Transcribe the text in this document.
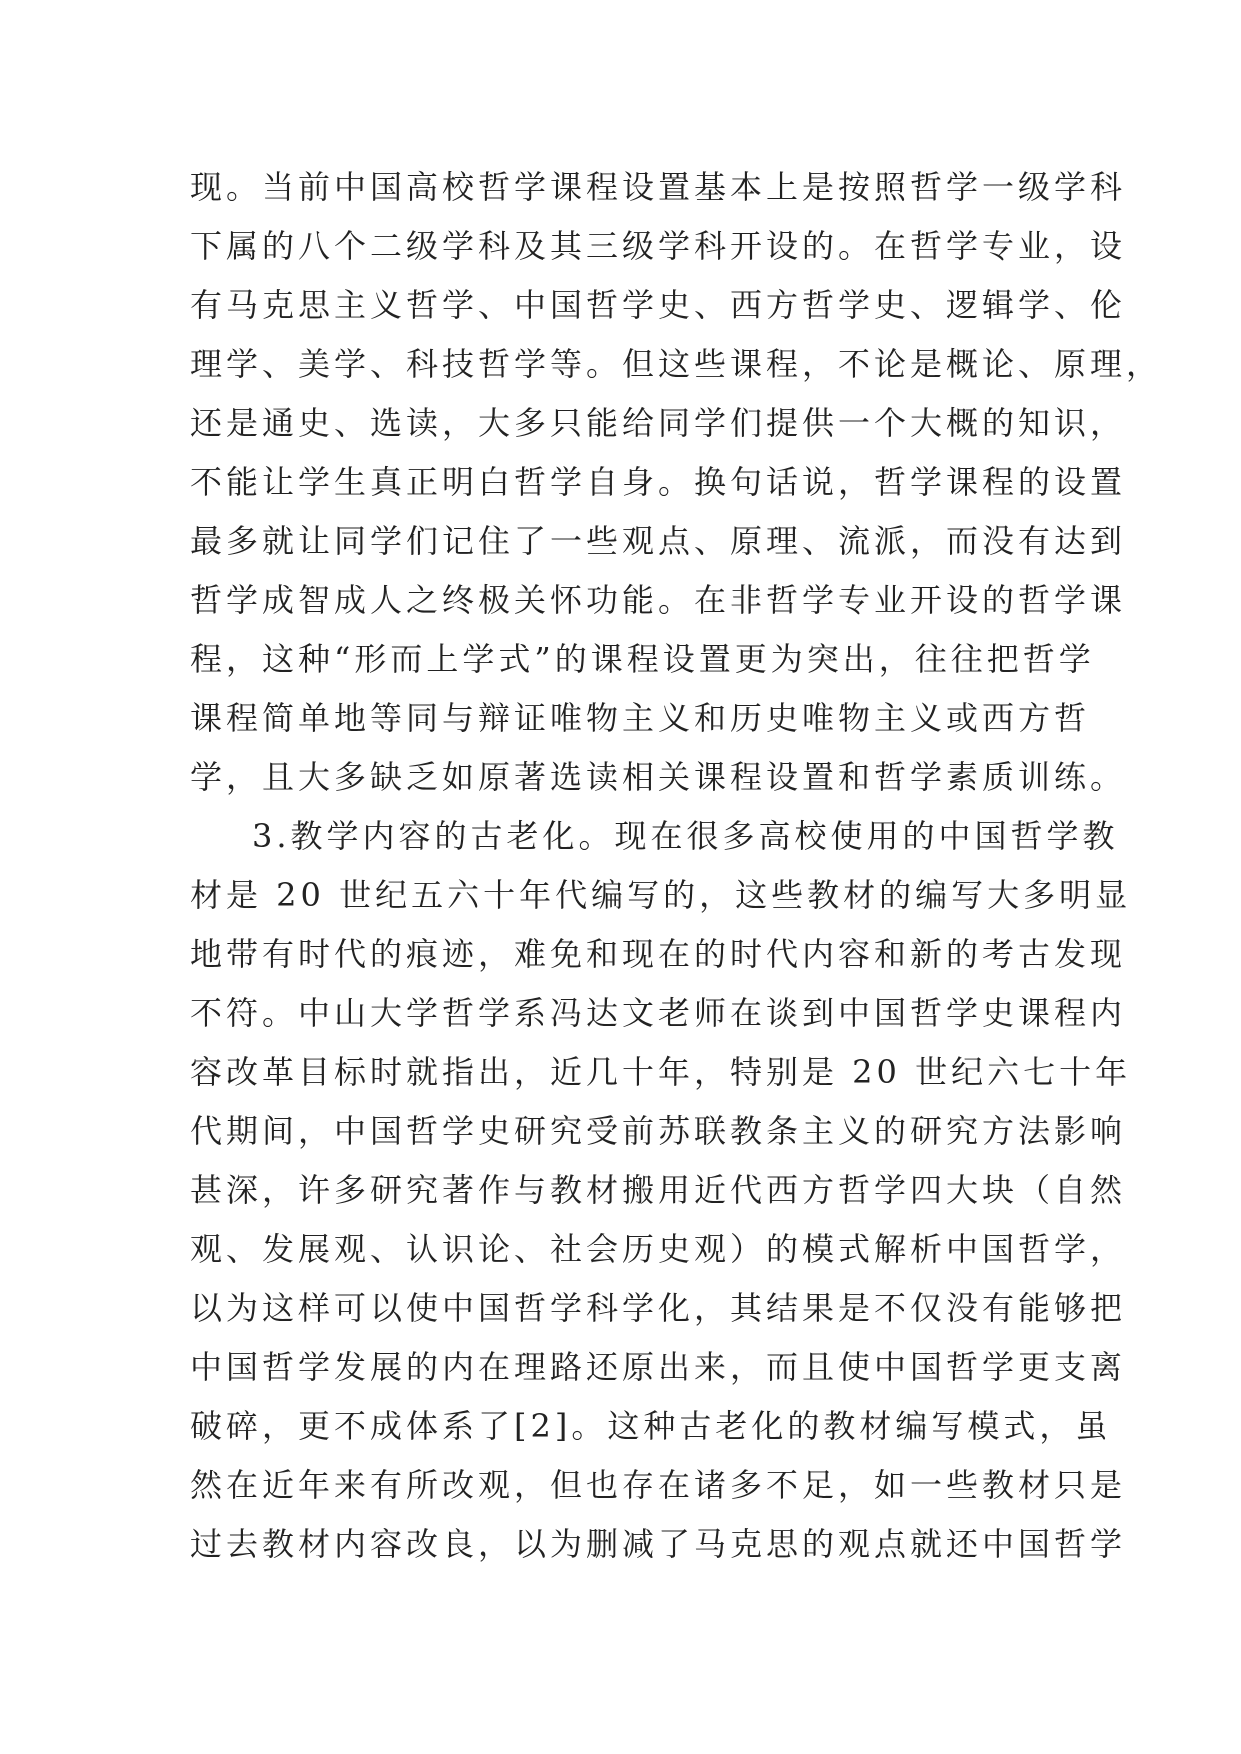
现。当前中国高校哲学课程设置基本上是按照哲学一级学科
下属的八个二级学科及其三级学科开设的。在哲学专业，设
有马克思主义哲学、中国哲学史、西方哲学史、逻辑学、伦
理学、美学、科技哲学等。但这些课程，不论是概论、原理，
还是通史、选读，大多只能给同学们提供一个大概的知识，
不能让学生真正明白哲学自身。换句话说，哲学课程的设置
最多就让同学们记住了一些观点、原理、流派，而没有达到
哲学成智成人之终极关怀功能。在非哲学专业开设的哲学课
程，这种“形而上学式”的课程设置更为突出，往往把哲学
课程简单地等同与辩证唯物主义和历史唯物主义或西方哲
学，且大多缺乏如原著选读相关课程设置和哲学素质训练。
3.教学内容的古老化。现在很多高校使用的中国哲学教
材是 20 世纪五六十年代编写的，这些教材的编写大多明显
地带有时代的痕迹，难免和现在的时代内容和新的考古发现
不符。中山大学哲学系冯达文老师在谈到中国哲学史课程内
容改革目标时就指出，近几十年，特别是 20 世纪六七十年
代期间，中国哲学史研究受前苏联教条主义的研究方法影响
甚深，许多研究著作与教材搬用近代西方哲学四大块（自然
观、发展观、认识论、社会历史观）的模式解析中国哲学，
以为这样可以使中国哲学科学化，其结果是不仅没有能够把
中国哲学发展的内在理路还原出来，而且使中国哲学更支离
破碎，更不成体系了[2]。这种古老化的教材编写模式，虽
然在近年来有所改观，但也存在诸多不足，如一些教材只是
过去教材内容改良，以为删减了马克思的观点就还中国哲学
